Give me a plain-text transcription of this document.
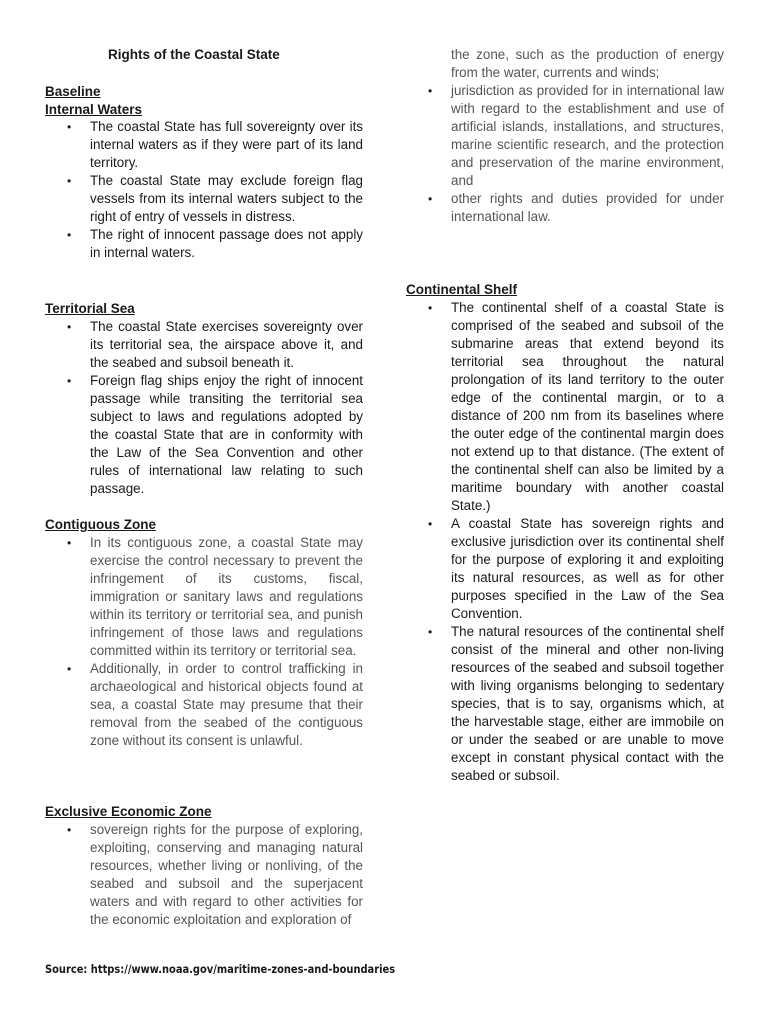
Rights of the Coastal State
Baseline
Internal Waters
• The coastal State has full sovereignty over its internal waters as if they were part of its land territory.
• The coastal State may exclude foreign flag vessels from its internal waters subject to the right of entry of vessels in distress.
• The right of innocent passage does not apply in internal waters.
Territorial Sea
• The coastal State exercises sovereignty over its territorial sea, the airspace above it, and the seabed and subsoil beneath it.
• Foreign flag ships enjoy the right of innocent passage while transiting the territorial sea subject to laws and regulations adopted by the coastal State that are in conformity with the Law of the Sea Convention and other rules of international law relating to such passage.
Contiguous Zone
• In its contiguous zone, a coastal State may exercise the control necessary to prevent the infringement of its customs, fiscal, immigration or sanitary laws and regulations within its territory or territorial sea, and punish infringement of those laws and regulations committed within its territory or territorial sea.
• Additionally, in order to control trafficking in archaeological and historical objects found at sea, a coastal State may presume that their removal from the seabed of the contiguous zone without its consent is unlawful.
Exclusive Economic Zone
• sovereign rights for the purpose of exploring, exploiting, conserving and managing natural resources, whether living or nonliving, of the seabed and subsoil and the superjacent waters and with regard to other activities for the economic exploitation and exploration of
the zone, such as the production of energy from the water, currents and winds;
• jurisdiction as provided for in international law with regard to the establishment and use of artificial islands, installations, and structures, marine scientific research, and the protection and preservation of the marine environment, and
• other rights and duties provided for under international law.
Continental Shelf
• The continental shelf of a coastal State is comprised of the seabed and subsoil of the submarine areas that extend beyond its territorial sea throughout the natural prolongation of its land territory to the outer edge of the continental margin, or to a distance of 200 nm from its baselines where the outer edge of the continental margin does not extend up to that distance. (The extent of the continental shelf can also be limited by a maritime boundary with another coastal State.)
• A coastal State has sovereign rights and exclusive jurisdiction over its continental shelf for the purpose of exploring it and exploiting its natural resources, as well as for other purposes specified in the Law of the Sea Convention.
• The natural resources of the continental shelf consist of the mineral and other non-living resources of the seabed and subsoil together with living organisms belonging to sedentary species, that is to say, organisms which, at the harvestable stage, either are immobile on or under the seabed or are unable to move except in constant physical contact with the seabed or subsoil.
Source: https://www.noaa.gov/maritime-zones-and-boundaries
